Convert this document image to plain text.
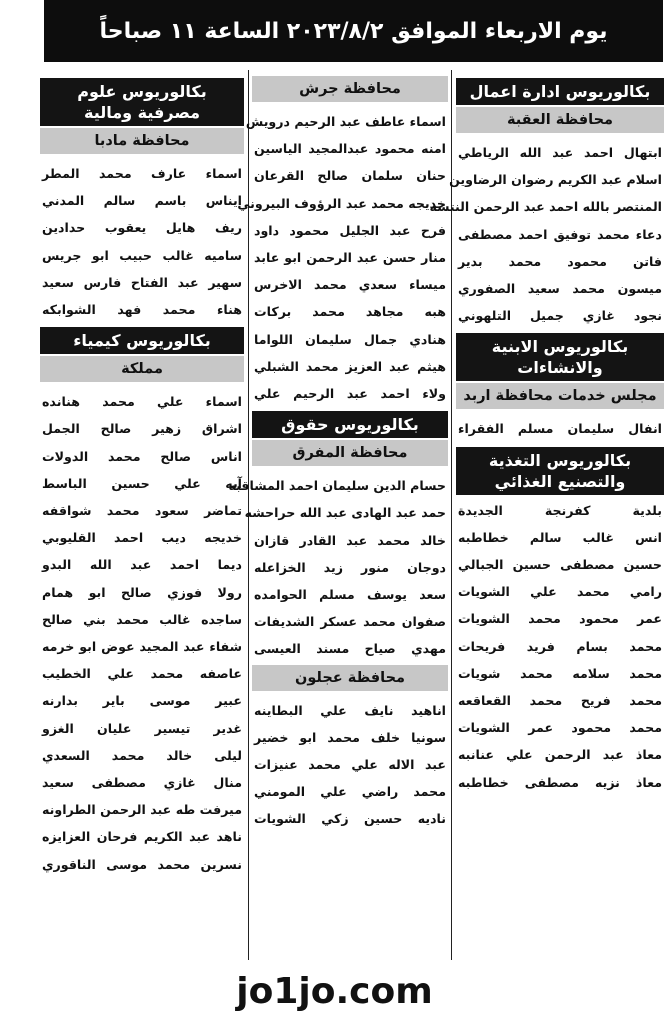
يوم الاربعاء الموافق ٢٠٢٣/٨/٢ الساعة ١١ صباحاً
بكالوريوس ادارة اعمال
محافظة العقبة
ابتهال احمد عبد الله الرياطي
اسلام عبد الكريم رضوان الرضاوين
المنتصر بالله احمد عبد الرحمن النتشه
دعاء محمد توفيق احمد مصطفى
فاتن محمود محمد بدير
ميسون محمد سعيد الصفوري
نجود غازي جميل التلهوني
بكالوريوس الابنية والانشاءات
مجلس خدمات محافظة اربد
انفال سليمان مسلم الفقراء
بكالوريوس التغذية والتصنيع الغذائي
بلدية كفرنجة الجديدة
انس غالب سالم خطاطبه
حسين مصطفى حسين الجبالي
رامي محمد علي الشويات
عمر محمود محمد الشويات
محمد بسام فريد فريحات
محمد سلامه محمد شويات
محمد فريح محمد القعاقعه
محمد محمود عمر الشويات
معاذ عبد الرحمن علي عنانبه
معاذ نزيه مصطفى خطاطبه
محافظة جرش
اسماء عاطف عبد الرحيم درويش
امنه محمود عبدالمجيد الياسين
حنان سلمان صالح القرعان
خديجه محمد عبد الرؤوف البيروني
فرح عبد الجليل محمود داود
منار حسن عبد الرحمن ابو عابد
ميساء سعدي محمد الاخرس
هبه مجاهد محمد بركات
هنادي جمال سليمان اللواما
هيثم عبد العزيز محمد الشبلي
ولاء احمد عبد الرحيم علي
بكالوريوس حقوق
محافظة المفرق
حسام الدين سليمان احمد المشاقبه
حمد عبد الهادى عبد الله حراحشه
خالد محمد عبد القادر قازان
دوجان منور زيد الخزاعله
سعد يوسف مسلم الحوامده
صفوان محمد عسكر الشديفات
مهدي صياح مسند العيسى
محافظة عجلون
اناهيد نايف علي البطاينه
سونيا خلف محمد ابو خضير
عبد الاله علي محمد عنيزات
محمد راضي علي المومني
ناديه حسين زكي الشويات
بكالوريوس علوم مصرفية ومالية
محافظة مادبا
اسماء عارف محمد المطر
ايناس باسم سالم المدني
ريف هايل يعقوب حدادين
ساميه غالب حبيب ابو جريس
سهير عبد الفتاح فارس سعيد
هناء محمد فهد الشوابكه
بكالوريوس كيمياء
مملكة
اسماء علي محمد هنانده
اشراق زهير صالح الجمل
اناس صالح محمد الدولات
آيه علي حسين الباسط
تماضر سعود محمد شواقفه
خديجه ديب احمد القليوبي
ديما احمد عبد الله البدو
رولا فوزي صالح ابو همام
ساجده غالب محمد بني صالح
شفاء عبد المجيد عوض ابو خرمه
عاصفه محمد علي الخطيب
عبير موسى باير بدارنه
غدير تيسير عليان الغزو
ليلى خالد محمد السعدي
منال غازي مصطفى سعيد
ميرفت طه عبد الرحمن الطراونه
ناهد عبد الكريم فرحان العزايزه
نسرين محمد موسى الناقوري
jo1jo.com
